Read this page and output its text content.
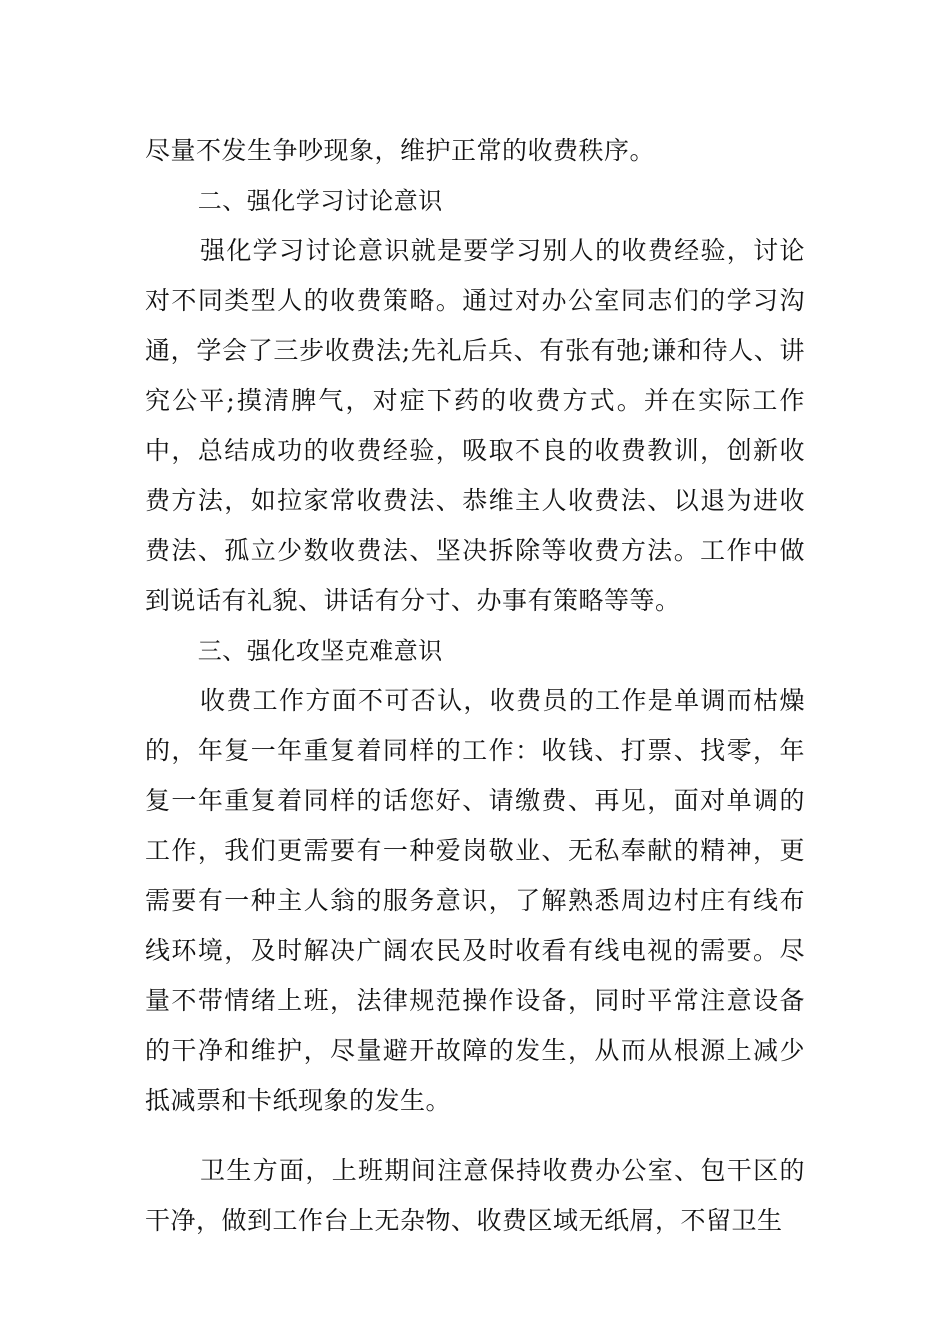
尽量不发生争吵现象，维护正常的收费秩序。

二、强化学习讨论意识

强化学习讨论意识就是要学习别人的收费经验，讨论对不同类型人的收费策略。通过对办公室同志们的学习沟通，学会了三步收费法;先礼后兵、有张有弛;谦和待人、讲究公平;摸清脾气，对症下药的收费方式。并在实际工作中，总结成功的收费经验，吸取不良的收费教训，创新收费方法，如拉家常收费法、恭维主人收费法、以退为进收费法、孤立少数收费法、坚决拆除等收费方法。工作中做到说话有礼貌、讲话有分寸、办事有策略等等。

三、强化攻坚克难意识

收费工作方面不可否认，收费员的工作是单调而枯燥的，年复一年重复着同样的工作：收钱、打票、找零，年复一年重复着同样的话您好、请缴费、再见，面对单调的工作，我们更需要有一种爱岗敬业、无私奉献的精神，更需要有一种主人翁的服务意识，了解熟悉周边村庄有线布线环境，及时解决广阔农民及时收看有线电视的需要。尽量不带情绪上班，法律规范操作设备，同时平常注意设备的干净和维护，尽量避开故障的发生，从而从根源上减少抵减票和卡纸现象的发生。

卫生方面，上班期间注意保持收费办公室、包干区的干净，做到工作台上无杂物、收费区域无纸屑，不留卫生
